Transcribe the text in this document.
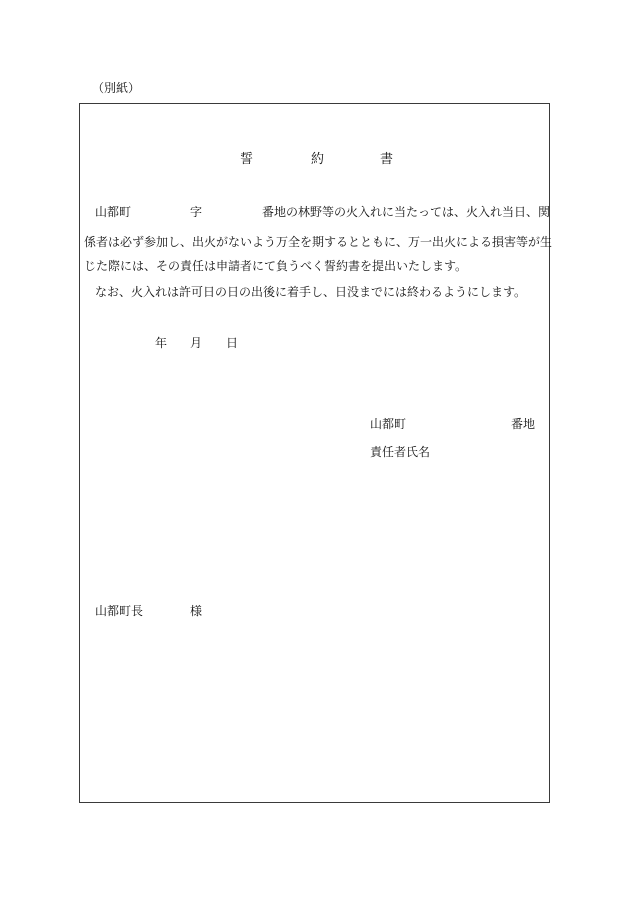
（別紙）
誓	約	書
山都町	字	番地の林野等の火入れに当たっては、火入れ当日、関
係者は必ず参加し、出火がないよう万全を期するとともに、万一出火による損害等が生
じた際には、その責任は申請者にて負うべく誓約書を提出いたします。
なお、火入れは許可日の日の出後に着手し、日没までには終わるようにします。
年 月 日
山都町	番地
責任者氏名
山都町長	様
